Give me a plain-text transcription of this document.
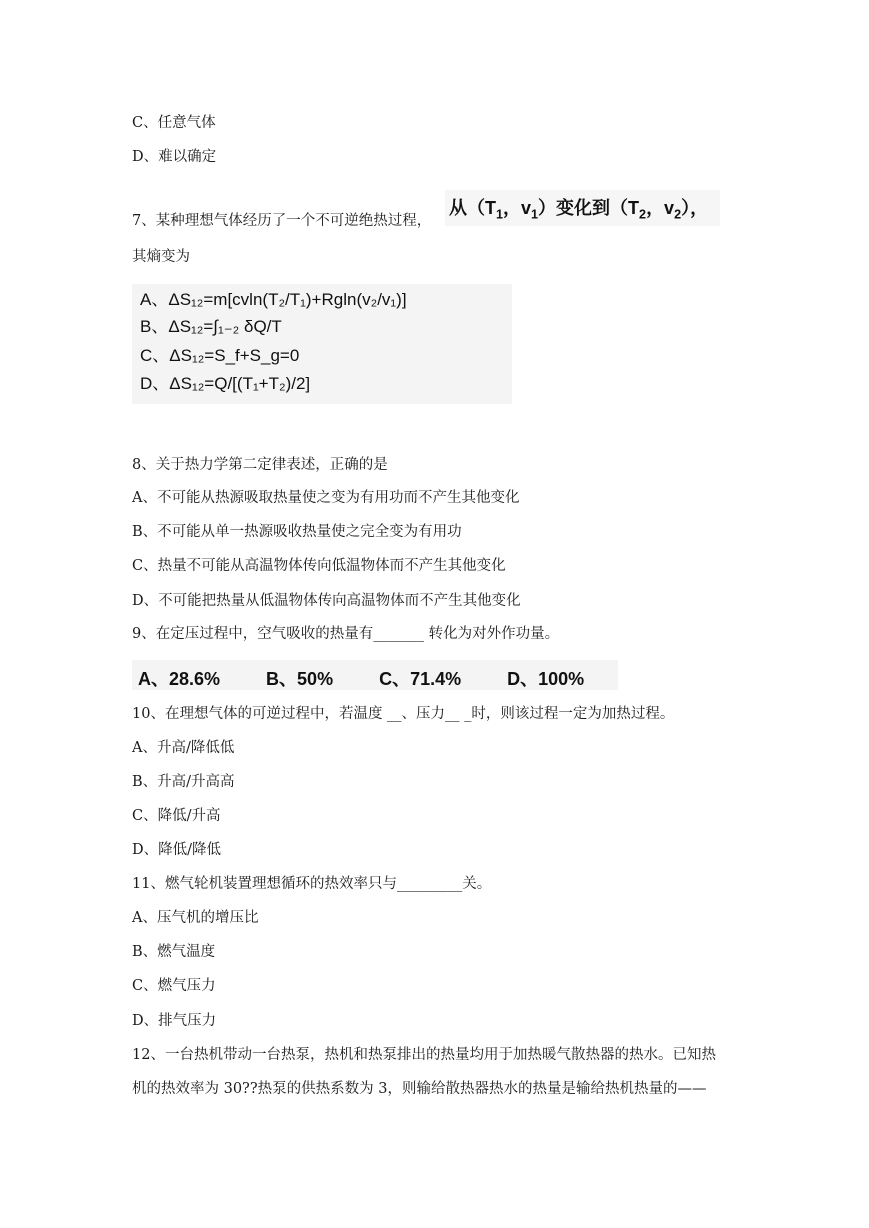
C、任意气体
D、难以确定
7、某种理想气体经历了一个不可逆绝热过程，
从（$T_1$，$v_1$）变化到（$T_2$，$v_2$），
其熵变为
A、ΔS₁₂=m[cvln(T₂/T₁)+Rgln(v₂/v₁)]
B、ΔS₁₂=∫₁₋₂ δQ/T
C、ΔS₁₂=S_f+S_g=0
D、ΔS₁₂=Q/[(T₁+T₂)/2]
8、关于热力学第二定律表述，正确的是
A、不可能从热源吸取热量使之变为有用功而不产生其他变化
B、不可能从单一热源吸收热量使之完全变为有用功
C、热量不可能从高温物体传向低温物体而不产生其他变化
D、不可能把热量从低温物体传向高温物体而不产生其他变化
9、在定压过程中，空气吸收的热量有_______ 转化为对外作功量。
A、28.6%	B、50%	C、71.4%	D、100%
10、在理想气体的可逆过程中，若温度 __、压力__ _时，则该过程一定为加热过程。
A、升高/降低低
B、升高/升高高
C、降低/升高
D、降低/降低
11、燃气轮机装置理想循环的热效率只与_________关。
A、压气机的增压比
B、燃气温度
C、燃气压力
D、排气压力
12、一台热机带动一台热泵，热机和热泵排出的热量均用于加热暖气散热器的热水。已知热
机的热效率为 30??热泵的供热系数为 3，则输给散热器热水的热量是输给热机热量的——
